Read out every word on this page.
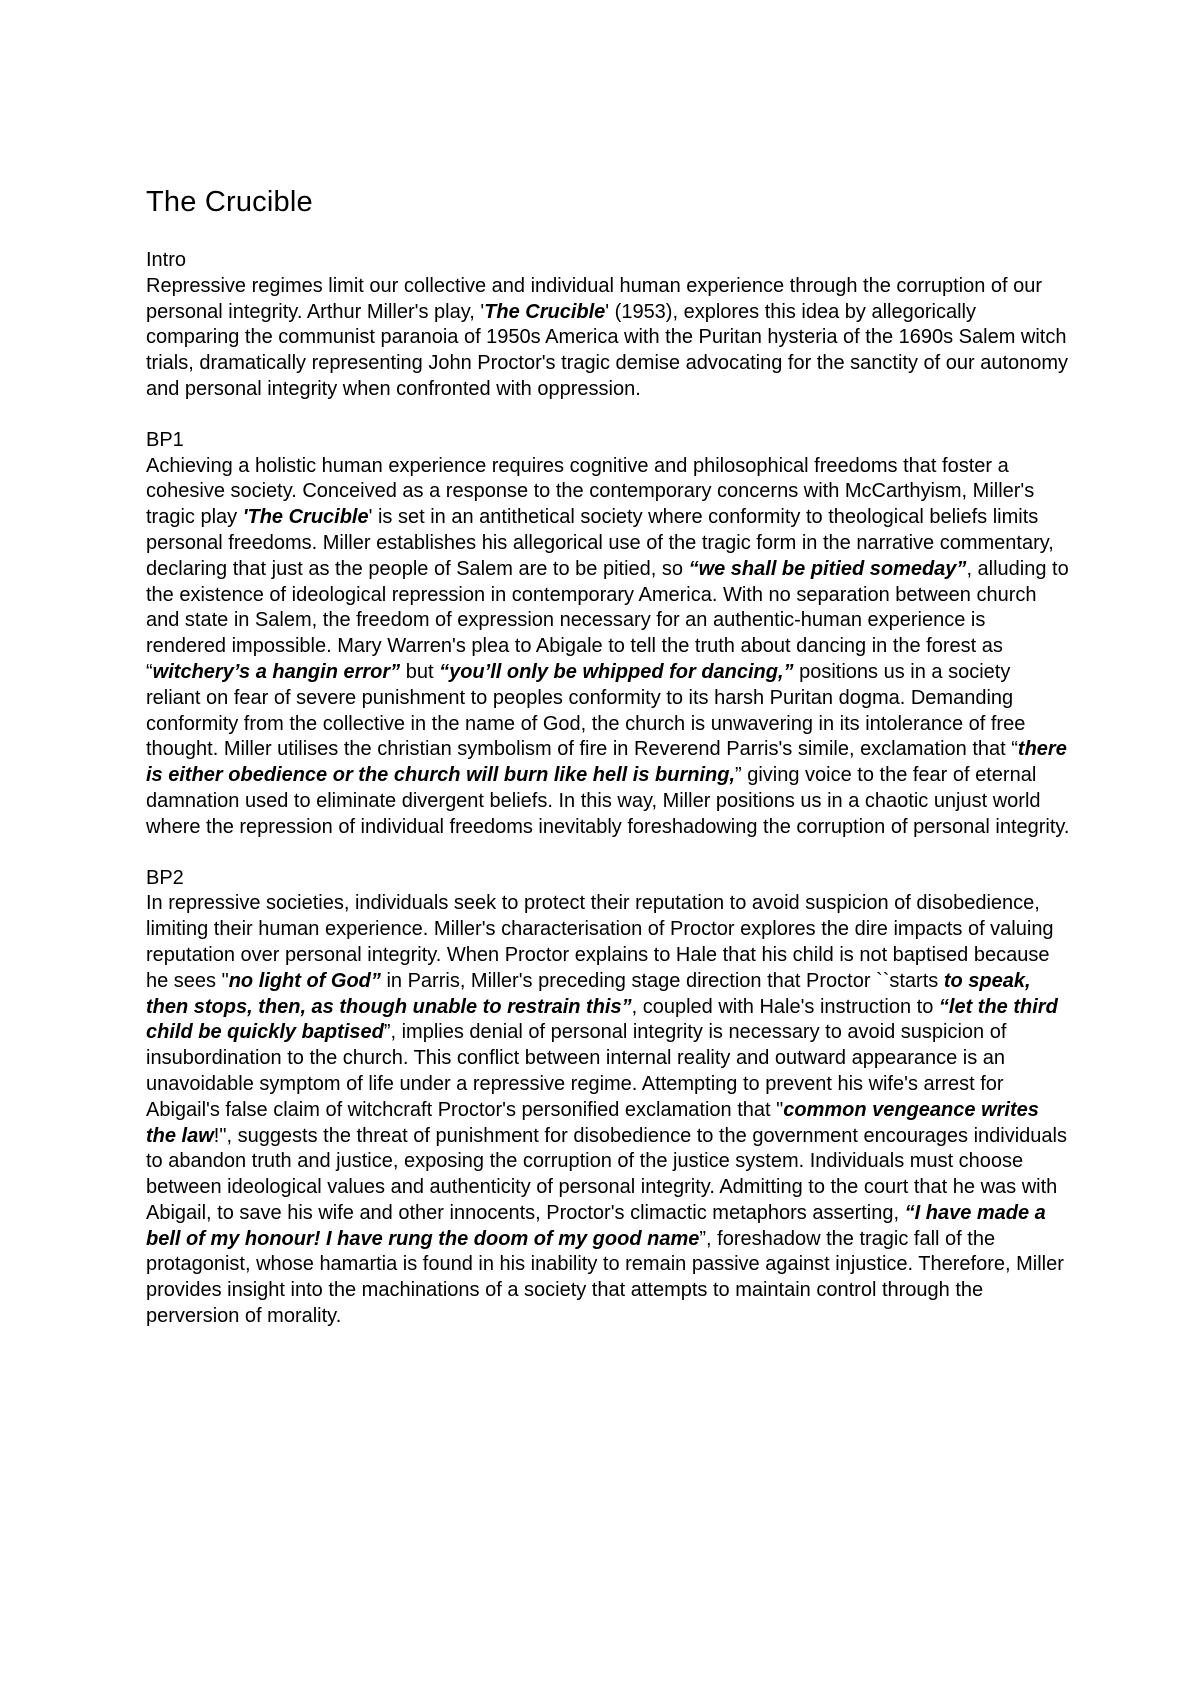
The Crucible
Intro

Repressive regimes limit our collective and individual human experience through the corruption of our personal integrity. Arthur Miller's play, 'The Crucible' (1953), explores this idea by allegorically comparing the communist paranoia of 1950s America with the Puritan hysteria of the 1690s Salem witch trials, dramatically representing John Proctor's tragic demise advocating for the sanctity of our autonomy and personal integrity when confronted with oppression.

BP1

Achieving a holistic human experience requires cognitive and philosophical freedoms that foster a cohesive society. Conceived as a response to the contemporary concerns with McCarthyism, Miller's tragic play 'The Crucible' is set in an antithetical society where conformity to theological beliefs limits personal freedoms. Miller establishes his allegorical use of the tragic form in the narrative commentary, declaring that just as the people of Salem are to be pitied, so “we shall be pitied someday”, alluding to the existence of ideological repression in contemporary America. With no separation between church and state in Salem, the freedom of expression necessary for an authentic-human experience is rendered impossible. Mary Warren's plea to Abigale to tell the truth about dancing in the forest as “witchery’s a hangin error” but “you’ll only be whipped for dancing,” positions us in a society reliant on fear of severe punishment to peoples conformity to its harsh Puritan dogma. Demanding conformity from the collective in the name of God, the church is unwavering in its intolerance of free thought. Miller utilises the christian symbolism of fire in Reverend Parris's simile, exclamation that “there is either obedience or the church will burn like hell is burning,” giving voice to the fear of eternal damnation used to eliminate divergent beliefs. In this way, Miller positions us in a chaotic unjust world where the repression of individual freedoms inevitably foreshadowing the corruption of personal integrity.

BP2

In repressive societies, individuals seek to protect their reputation to avoid suspicion of disobedience, limiting their human experience. Miller's characterisation of Proctor explores the dire impacts of valuing reputation over personal integrity. When Proctor explains to Hale that his child is not baptised because he sees "no light of God” in Parris, Miller's preceding stage direction that Proctor ``starts to speak, then stops, then, as though unable to restrain this”, coupled with Hale's instruction to “let the third child be quickly baptised”, implies denial of personal integrity is necessary to avoid suspicion of insubordination to the church. This conflict between internal reality and outward appearance is an unavoidable symptom of life under a repressive regime. Attempting to prevent his wife's arrest for Abigail's false claim of witchcraft Proctor's personified exclamation that "common vengeance writes the law!", suggests the threat of punishment for disobedience to the government encourages individuals to abandon truth and justice, exposing the corruption of the justice system. Individuals must choose between ideological values and authenticity of personal integrity. Admitting to the court that he was with Abigail, to save his wife and other innocents, Proctor's climactic metaphors asserting, “I have made a bell of my honour! I have rung the doom of my good name”, foreshadow the tragic fall of the protagonist, whose hamartia is found in his inability to remain passive against injustice. Therefore, Miller provides insight into the machinations of a society that attempts to maintain control through the perversion of morality.
